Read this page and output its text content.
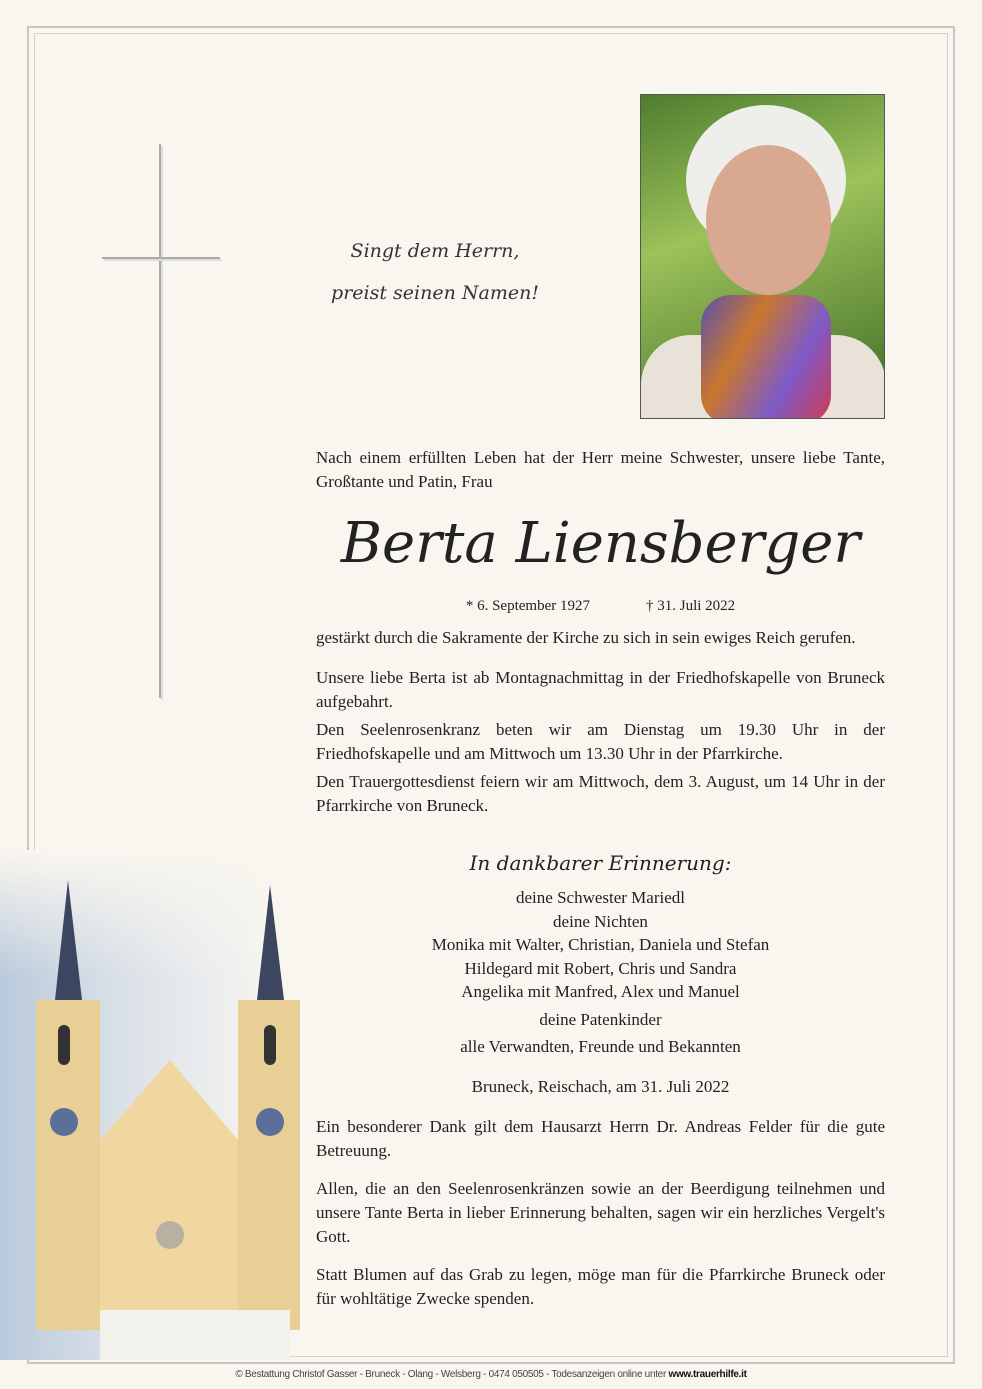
Singt dem Herrn,
preist seinen Namen!
Nach einem erfüllten Leben hat der Herr meine Schwester, unsere liebe Tante, Großtante und Patin, Frau
Berta Liensberger
* 6. September 1927	† 31. Juli 2022
gestärkt durch die Sakramente der Kirche zu sich in sein ewiges Reich gerufen.
Unsere liebe Berta ist ab Montagnachmittag in der Friedhofskapelle von Bruneck aufgebahrt.
Den Seelenrosenkranz beten wir am Dienstag um 19.30 Uhr in der Friedhofskapelle und am Mittwoch um 13.30 Uhr in der Pfarrkirche.
Den Trauergottesdienst feiern wir am Mittwoch, dem 3. August, um 14 Uhr in der Pfarrkirche von Bruneck.
In dankbarer Erinnerung:
deine Schwester Mariedl
deine Nichten
Monika mit Walter, Christian, Daniela und Stefan
Hildegard mit Robert, Chris und Sandra
Angelika mit Manfred, Alex und Manuel
deine Patenkinder
alle Verwandten, Freunde und Bekannten
Bruneck, Reischach, am 31. Juli 2022
Ein besonderer Dank gilt dem Hausarzt Herrn Dr. Andreas Felder für die gute Betreuung.
Allen, die an den Seelenrosenkränzen sowie an der Beerdigung teilnehmen und unsere Tante Berta in lieber Erinnerung behalten, sagen wir ein herzliches Vergelt's Gott.
Statt Blumen auf das Grab zu legen, möge man für die Pfarrkirche Bruneck oder für wohltätige Zwecke spenden.
© Bestattung Christof Gasser - Bruneck - Olang - Welsberg - 0474 050505 - Todesanzeigen online unter www.trauerhilfe.it
